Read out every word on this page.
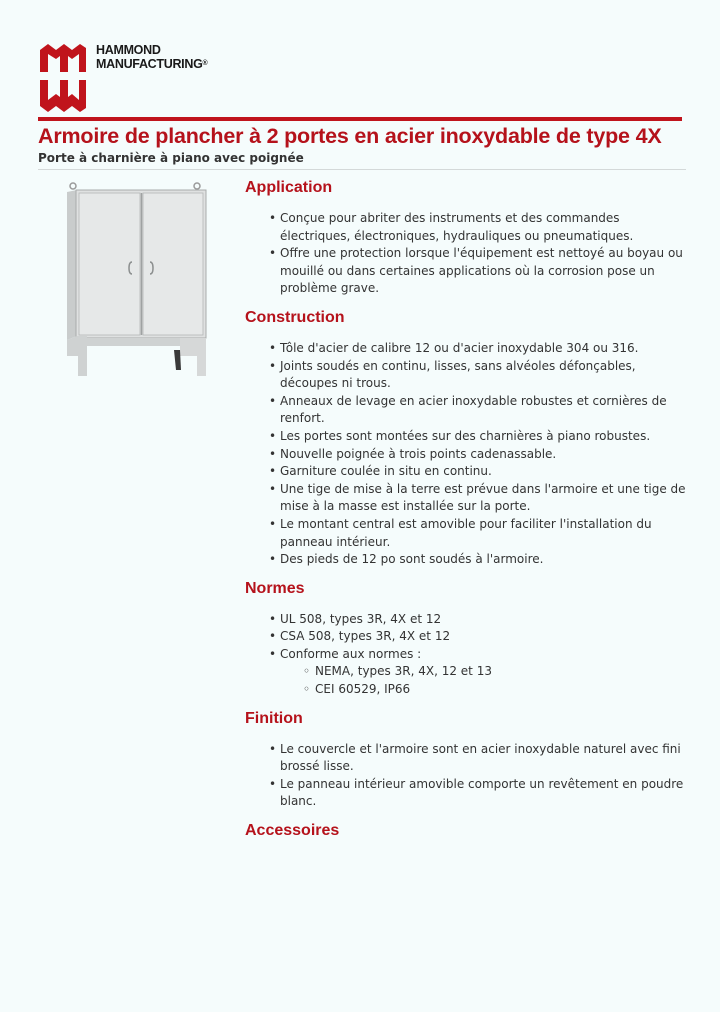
HAMMOND
MANUFACTURING®
Armoire de plancher à 2 portes en acier inoxydable de type 4X
Porte à charnière à piano avec poignée
Application
• Conçue pour abriter des instruments et des commandes électriques, électroniques, hydrauliques ou pneumatiques.
• Offre une protection lorsque l'équipement est nettoyé au boyau ou mouillé ou dans certaines applications où la corrosion pose un problème grave.
Construction
• Tôle d'acier de calibre 12 ou d'acier inoxydable 304 ou 316.
• Joints soudés en continu, lisses, sans alvéoles défonçables, découpes ni trous.
• Anneaux de levage en acier inoxydable robustes et cornières de renfort.
• Les portes sont montées sur des charnières à piano robustes.
• Nouvelle poignée à trois points cadenassable.
• Garniture coulée in situ en continu.
• Une tige de mise à la terre est prévue dans l'armoire et une tige de mise à la masse est installée sur la porte.
• Le montant central est amovible pour faciliter l'installation du panneau intérieur.
• Des pieds de 12 po sont soudés à l'armoire.
Normes
• UL 508, types 3R, 4X et 12
• CSA 508, types 3R, 4X et 12
• Conforme aux normes :
◦ NEMA, types 3R, 4X, 12 et 13
◦ CEI 60529, IP66
Finition
• Le couvercle et l'armoire sont en acier inoxydable naturel avec fini brossé lisse.
• Le panneau intérieur amovible comporte un revêtement en poudre blanc.
Accessoires
